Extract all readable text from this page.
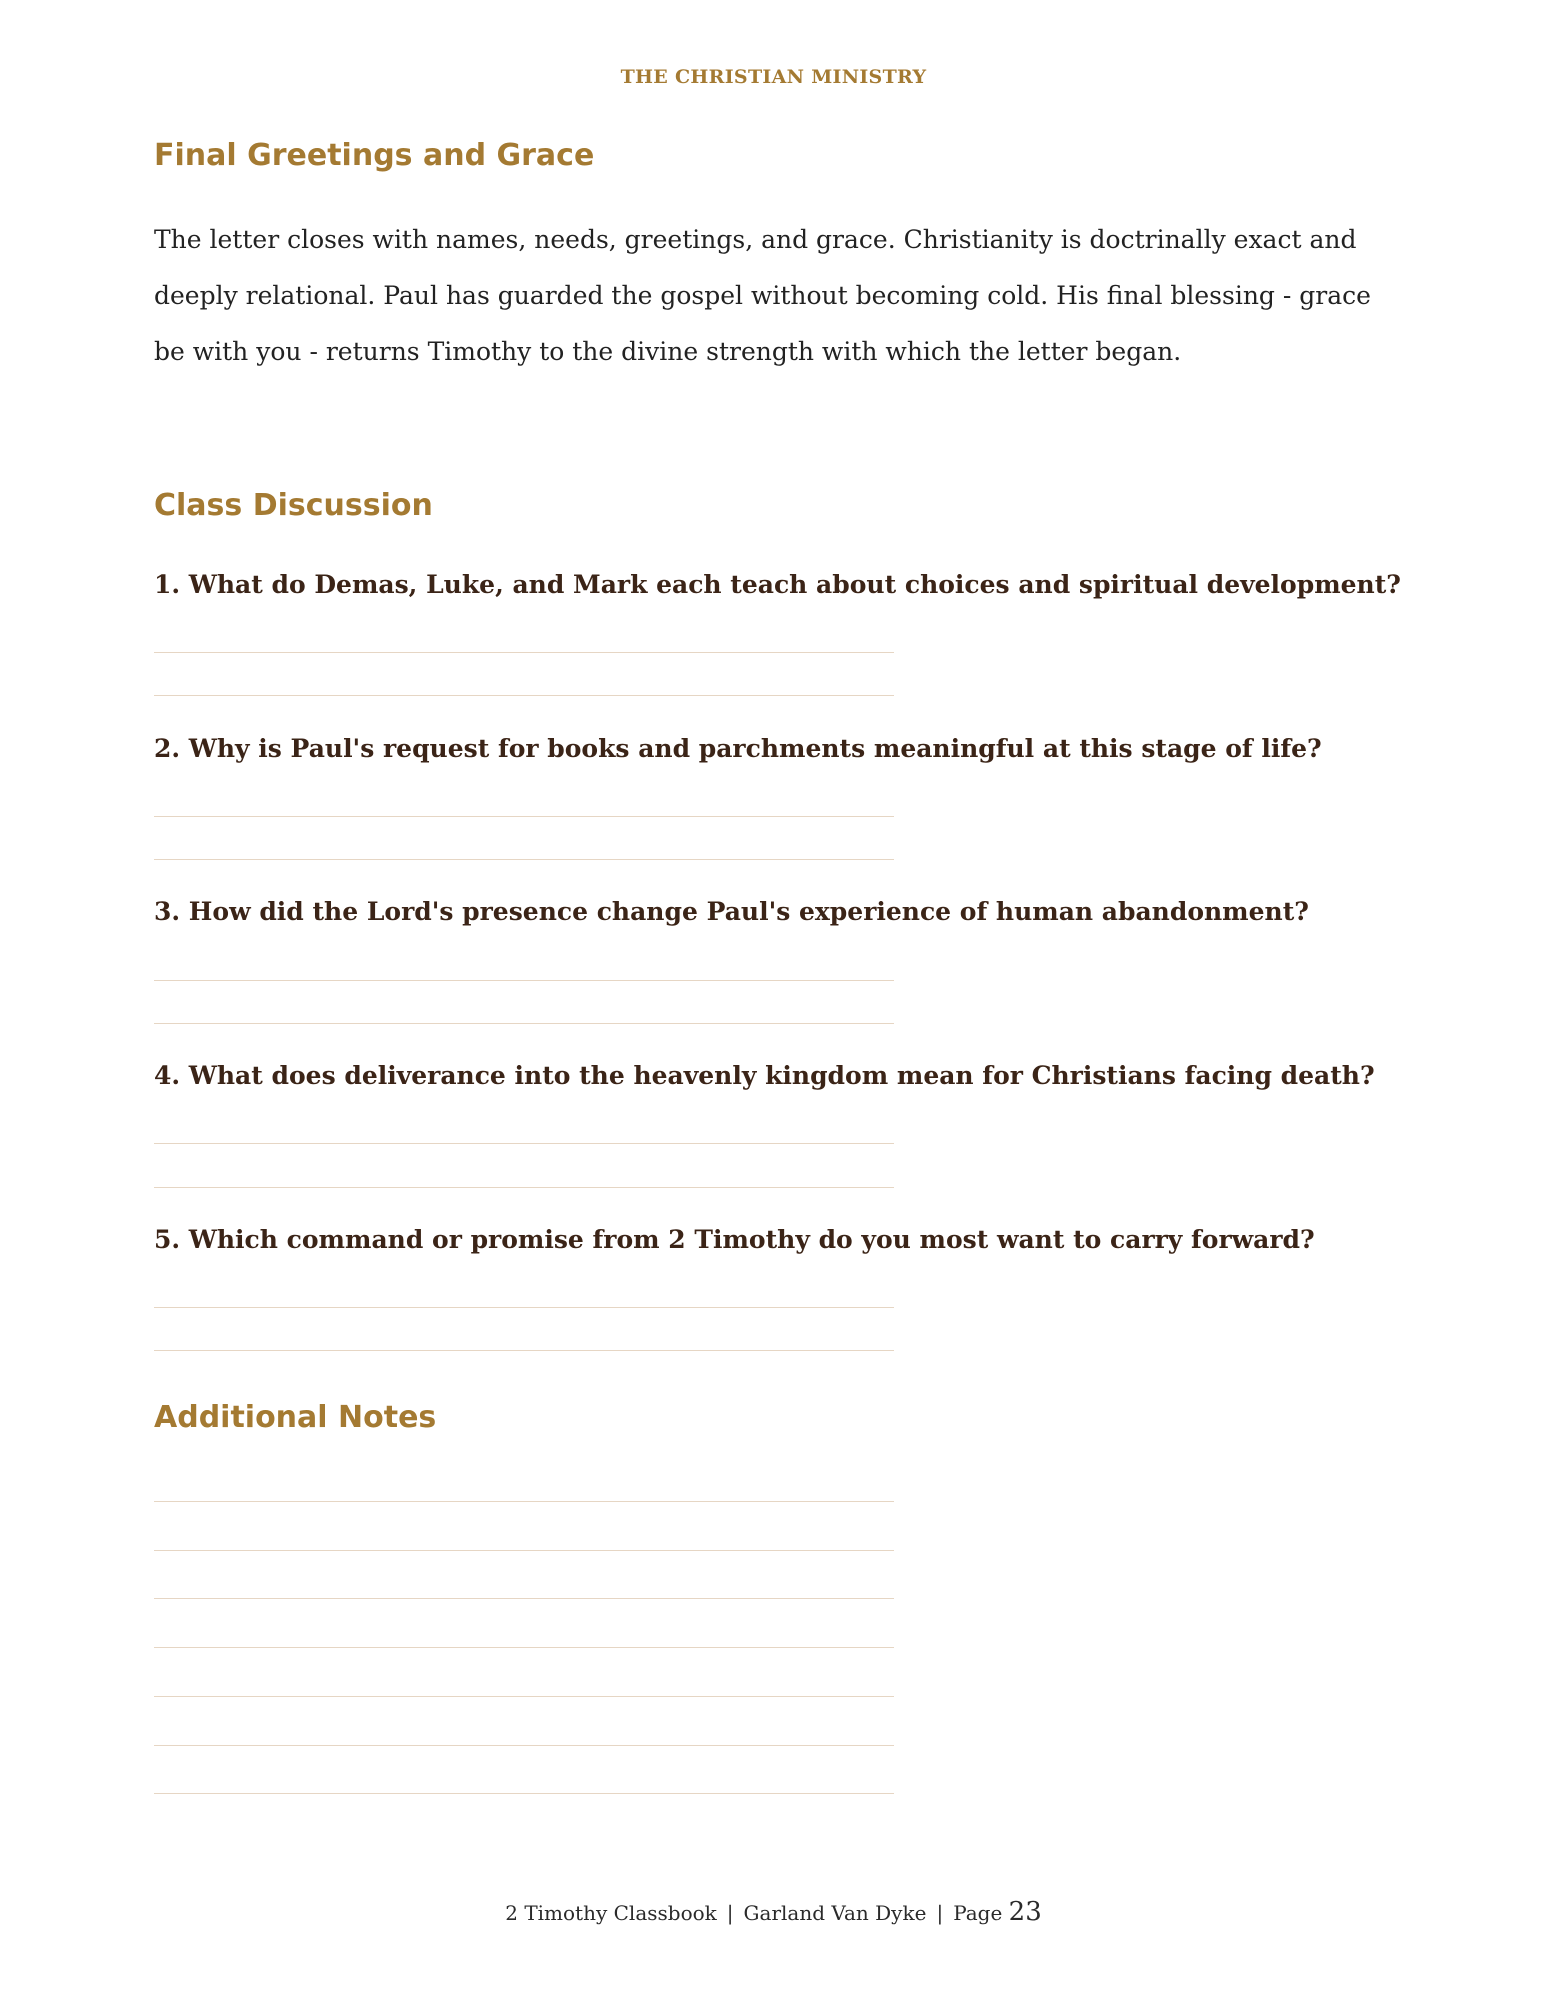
THE CHRISTIAN MINISTRY
Final Greetings and Grace

The letter closes with names, needs, greetings, and grace. Christianity is doctrinally exact and deeply relational. Paul has guarded the gospel without becoming cold. His final blessing - grace be with you - returns Timothy to the divine strength with which the letter began.

Class Discussion
1. What do Demas, Luke, and Mark each teach about choices and spiritual development?
2. Why is Paul's request for books and parchments meaningful at this stage of life?
3. How did the Lord's presence change Paul's experience of human abandonment?
4. What does deliverance into the heavenly kingdom mean for Christians facing death?
5. Which command or promise from 2 Timothy do you most want to carry forward?
Additional Notes
2 Timothy Classbook | Garland Van Dyke | Page 23
